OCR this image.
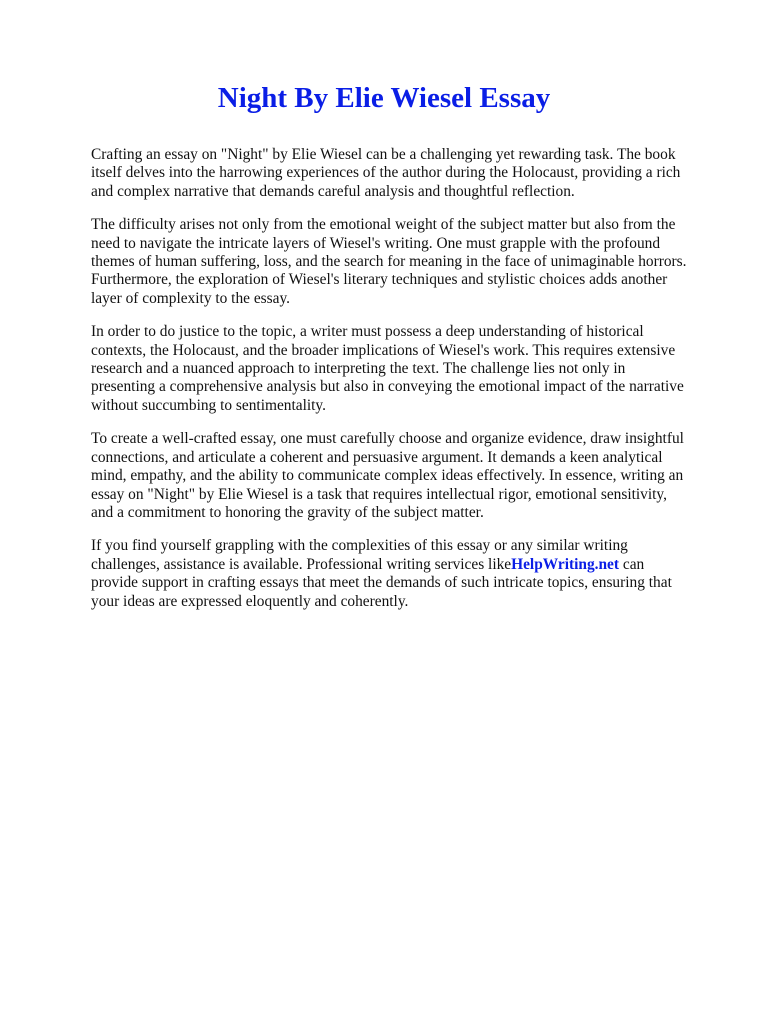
Night By Elie Wiesel Essay

Crafting an essay on "Night" by Elie Wiesel can be a challenging yet rewarding task. The book itself delves into the harrowing experiences of the author during the Holocaust, providing a rich and complex narrative that demands careful analysis and thoughtful reflection.

The difficulty arises not only from the emotional weight of the subject matter but also from the need to navigate the intricate layers of Wiesel's writing. One must grapple with the profound themes of human suffering, loss, and the search for meaning in the face of unimaginable horrors. Furthermore, the exploration of Wiesel's literary techniques and stylistic choices adds another layer of complexity to the essay.

In order to do justice to the topic, a writer must possess a deep understanding of historical contexts, the Holocaust, and the broader implications of Wiesel's work. This requires extensive research and a nuanced approach to interpreting the text. The challenge lies not only in presenting a comprehensive analysis but also in conveying the emotional impact of the narrative without succumbing to sentimentality.

To create a well-crafted essay, one must carefully choose and organize evidence, draw insightful connections, and articulate a coherent and persuasive argument. It demands a keen analytical mind, empathy, and the ability to communicate complex ideas effectively. In essence, writing an essay on "Night" by Elie Wiesel is a task that requires intellectual rigor, emotional sensitivity, and a commitment to honoring the gravity of the subject matter.

If you find yourself grappling with the complexities of this essay or any similar writing challenges, assistance is available. Professional writing services likeHelpWriting.net can provide support in crafting essays that meet the demands of such intricate topics, ensuring that your ideas are expressed eloquently and coherently.
